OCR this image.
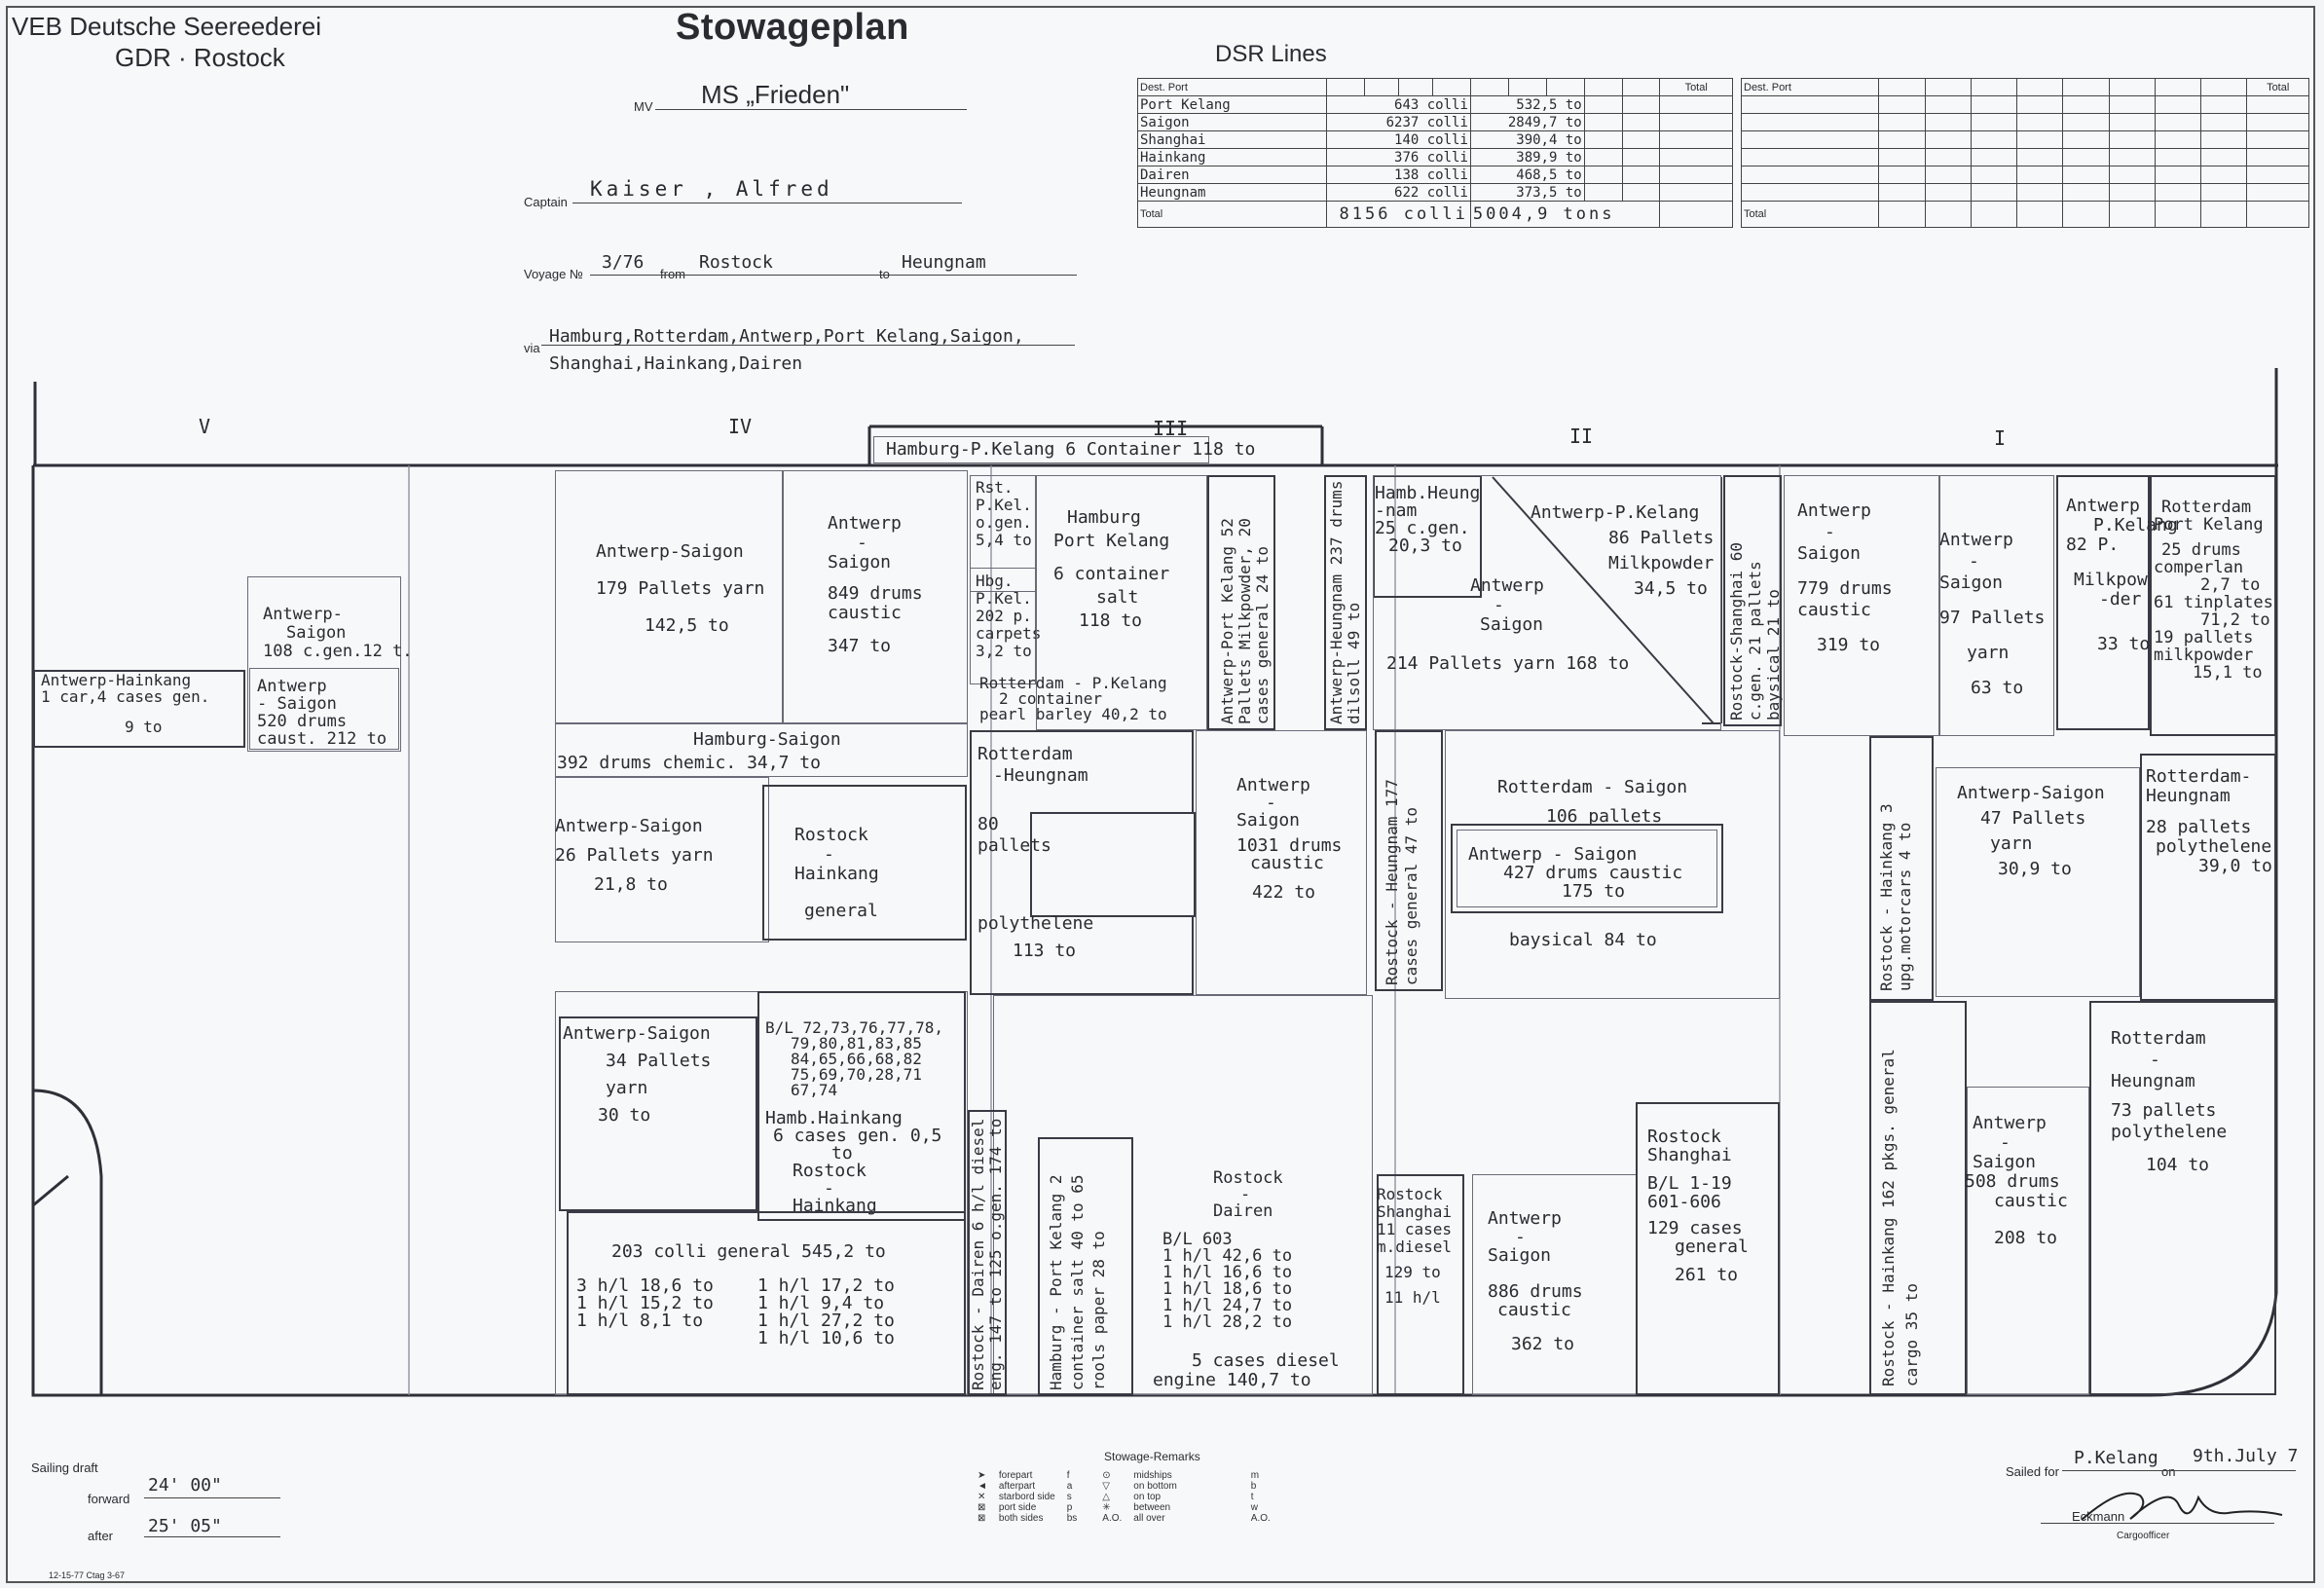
VEB Deutsche Seereederei
GDR · Rostock
Stowageplan
MV MS „Frieden"
Captain
Kaiser , Alfred
Voyage №
3/76
from
Rostock
to
Heungnam
via
Hamburg,Rotterdam,Antwerp,Port Kelang,Saigon,
Shanghai,Hainkang,Dairen
DSR Lines
Dest. Port										Total
Port Kelang	643 colli				532,5 to					
Saigon	6237 colli				2849,7 to					
Shanghai	140 colli				390,4 to					
Hainkang	376 colli				389,9 to					
Dairen	138 colli				468,5 to					
Heungnam	622 colli				373,5 to					
Total	8156 colli				5004,9 tons					
Dest. Port									Total

Total									
V	IV	III	II	I
Hamburg-P.Kelang 6 Container 118 to
Antwerp-Hainkang
1 car,4 cases gen.
9 to
Antwerp-
Saigon
108 c.gen.12 t.
Antwerp
- Saigon
520 drums
caust. 212 to
Antwerp-Saigon
179 Pallets yarn
142,5 to
Antwerp
-
Saigon
849 drums
caustic
347 to
Hamburg-Saigon
392 drums chemic. 34,7 to
Antwerp-Saigon
26 Pallets yarn
21,8 to
Rostock
-
Hainkang
general
Antwerp-Saigon
34 Pallets
yarn
30 to
B/L 72,73,76,77,78,
79,80,81,83,85
84,65,66,68,82
75,69,70,28,71
67,74
Hamb.Hainkang
6 cases gen. 0,5
to
Rostock
-
Hainkang
203 colli general 545,2 to
3 h/l 18,6 to
1 h/l 15,2 to
1 h/l 8,1 to
1 h/l 17,2 to
1 h/l 9,4 to
1 h/l 27,2 to
1 h/l 10,6 to
Rst.
P.Kel.
o.gen.
5,4 to
Hbg.
P.Kel.
202 p.
carpets
3,2 to
Hamburg
Port Kelang
6 container
salt
118 to
Rotterdam - P.Kelang
2 container
pearl barley 40,2 to	Antwerp-Port Kelang 52 Pallets Milkpowder, 20 cases general 24 to	Antwerp-Heungnam 237 drums dilsoll 49 to
Rotterdam
-Heungnam
80
pallets
polythelene
113 to
Antwerp
-
Saigon
1031 drums
caustic
422 to
Rostock - Dairen 6 h/l diesel eng. 147 to 125 o.gen. 174 to	Hamburg - Port Kelang 2 container salt 40 to 65 rools paper 28 to
Rostock
-
Dairen
B/L 603
1 h/l 42,6 to
1 h/l 16,6 to
1 h/l 18,6 to
1 h/l 24,7 to
1 h/l 28,2 to
5 cases diesel
engine 140,7 to
Hamb.Heung
-nam
25 c.gen.
20,3 to
Antwerp-P.Kelang
86 Pallets
Milkpowder
34,5 to
Antwerp
-
Saigon
214 Pallets yarn 168 to	Rostock-Shanghai 60 c.gen. 21 pallets baysical 21 to
Rostock - Heungnam 177 cases general 47 to
Rotterdam - Saigon
106 pallets
Antwerp - Saigon
427 drums caustic
175 to
baysical 84 to
Rostock
Shanghai
11 cases
m.diesel
129 to
11 h/l
Antwerp
-
Saigon
886 drums
caustic
362 to
Rostock
Shanghai
B/L 1-19
601-606
129 cases
general
261 to
Antwerp
-
Saigon
779 drums
caustic
319 to
Antwerp
-
Saigon
97 Pallets
yarn
63 to
Antwerp
P.Kelang
82 P.
Milkpow
-der
33 to
Rotterdam
Port Kelang
25 drums
comperlan
2,7 to
61 tinplates
71,2 to
19 pallets
milkpowder
15,1 to
Rostock - Hainkang 3 upg.motorcars 4 to
Antwerp-Saigon
47 Pallets
yarn
30,9 to
Rotterdam-
Heungnam
28 pallets
polythelene
39,0 to
Rostock - Hainkang 162 pkgs. general cargo 35 to
Antwerp
-
Saigon
508 drums
caustic
208 to
Rotterdam
-
Heungnam
73 pallets
polythelene
104 to
Sailing draft
forward
24' 00"
after 25' 05"
12-15-77 Ctag 3-67
Stowage-Remarks
➤	forepart	f	⊙	midships	m
◄	afterpart	a	▽	on bottom	b
✕	starbord side	s	△	on top	t
⊠	port side	p	✳	between	w
⊠	both sides	bs	A.O.	all over	A.O.
Sailed for
P.Kelang
on
9th.July 7
Eckmann
Cargoofficer
